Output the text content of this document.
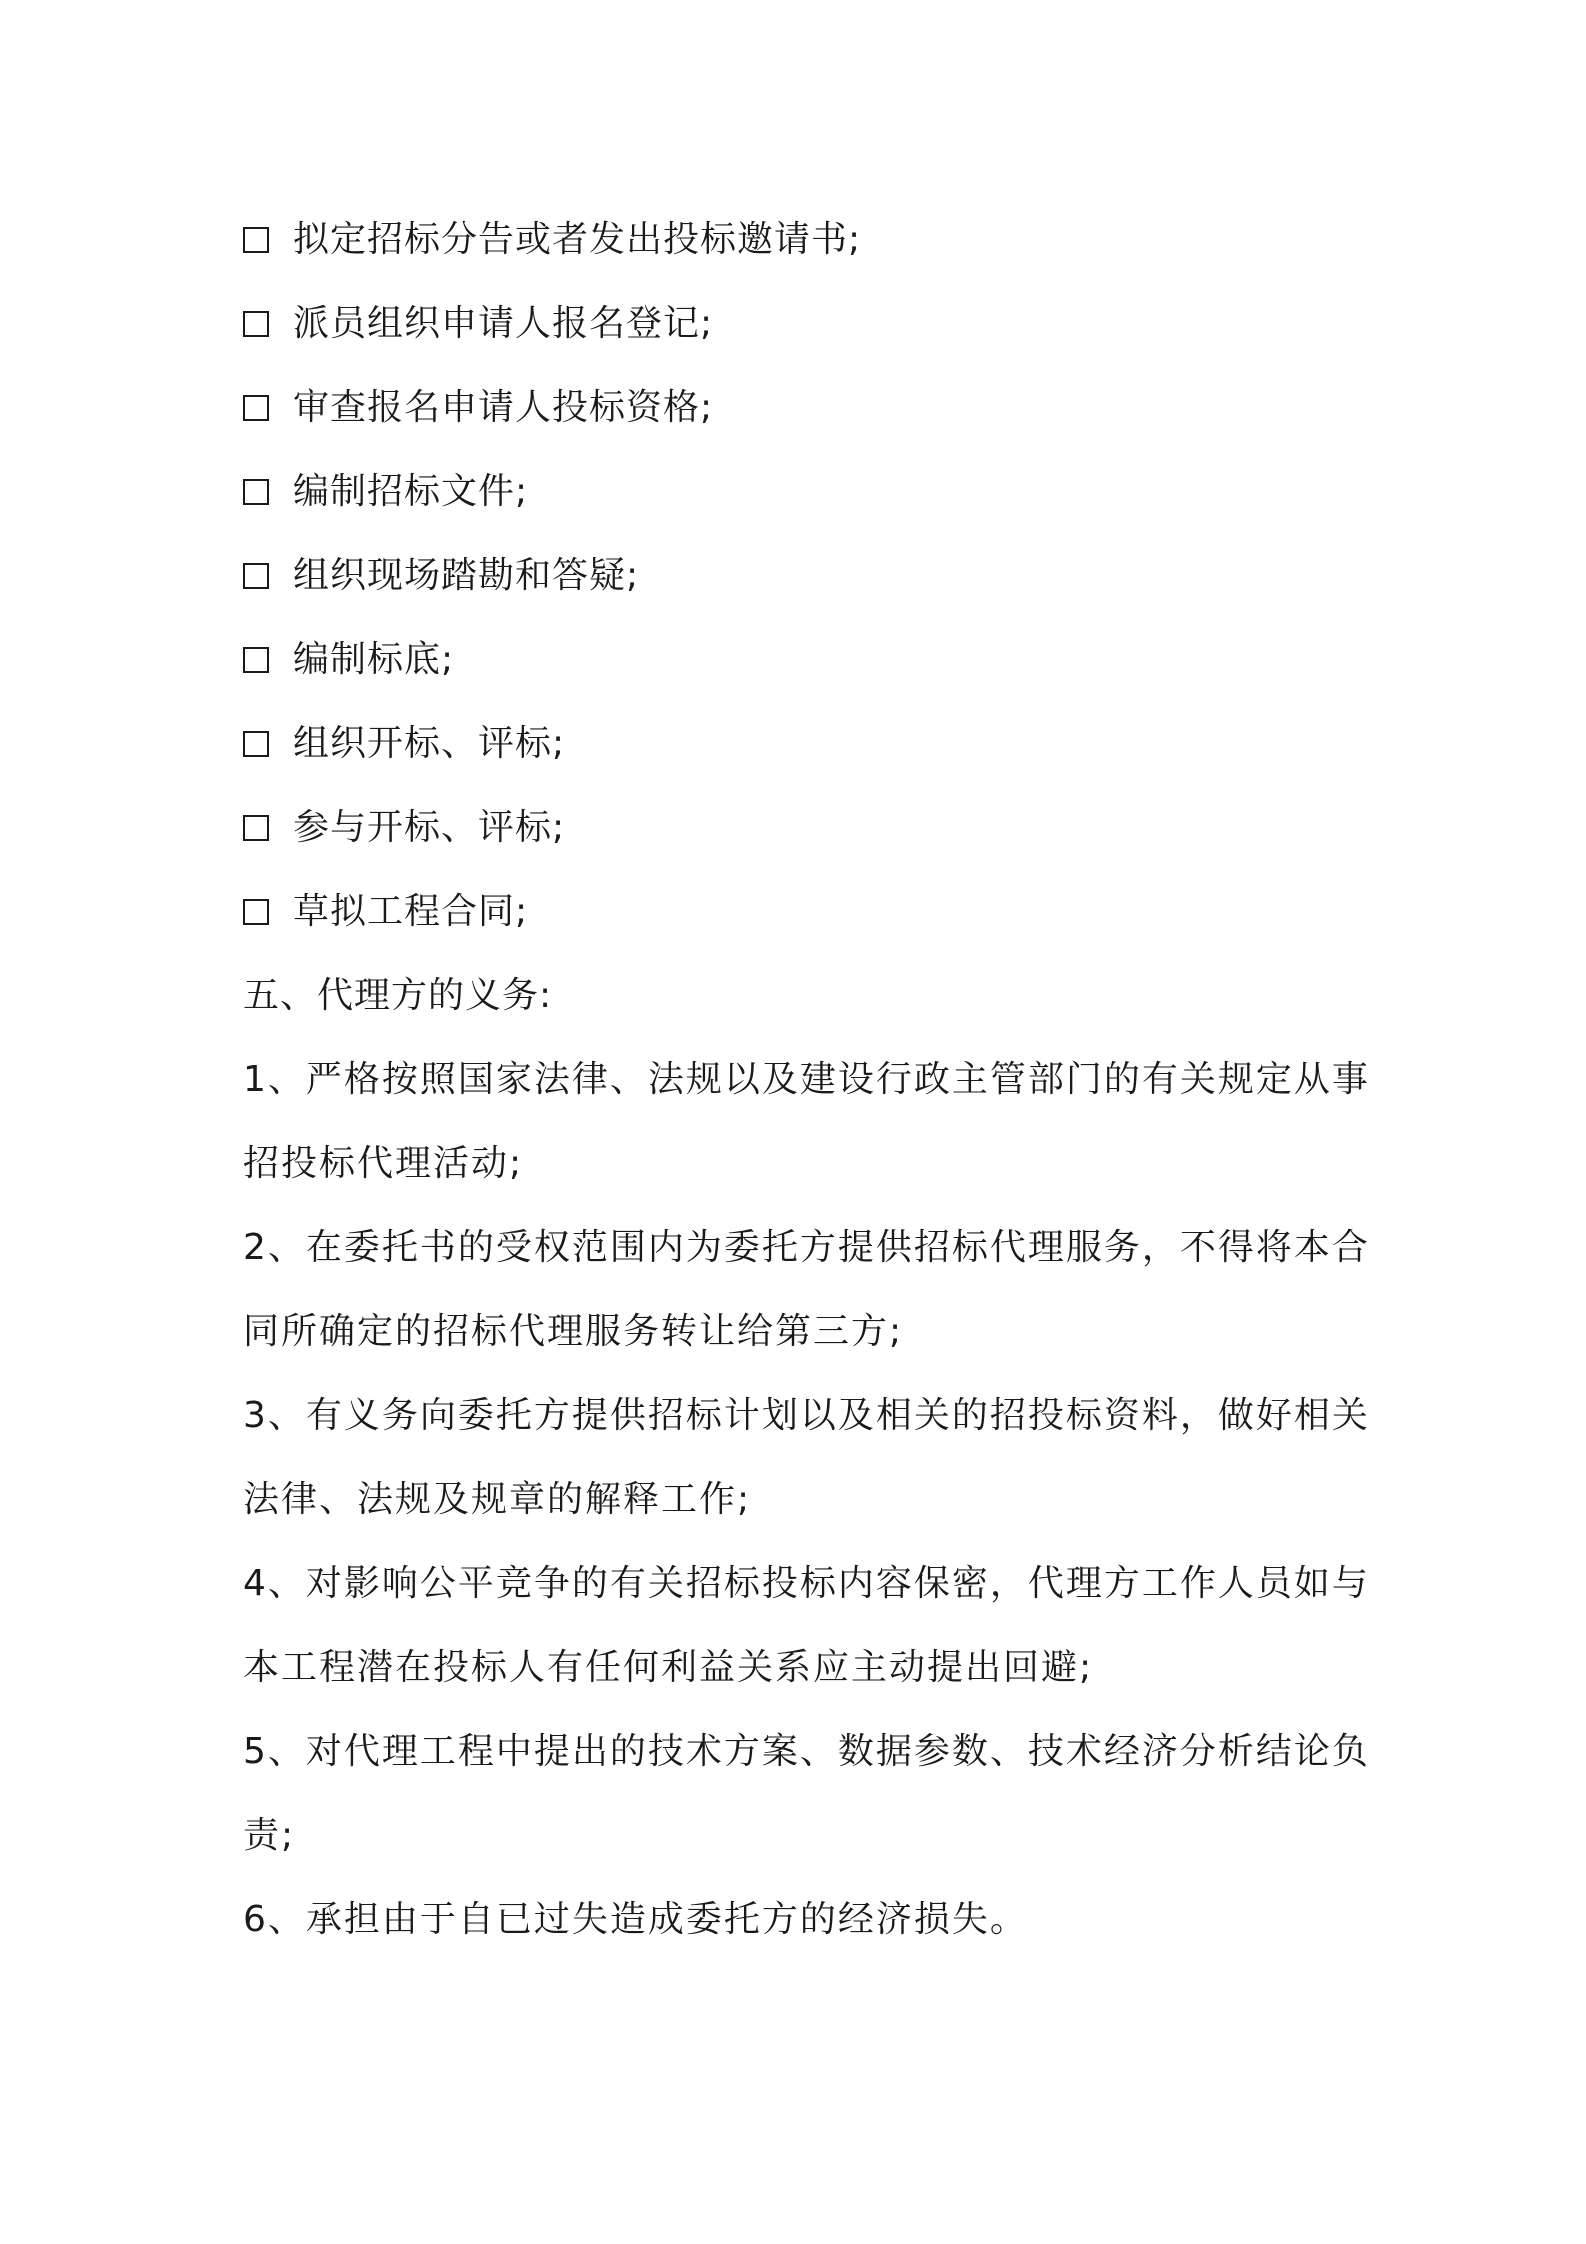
拟定招标分告或者发出投标邀请书;
派员组织申请人报名登记;
审查报名申请人投标资格;
编制招标文件;
组织现场踏勘和答疑;
编制标底;
组织开标、评标;
参与开标、评标;
草拟工程合同;
五、代理方的义务:
1、严格按照国家法律、法规以及建设行政主管部门的有关规定从事
招投标代理活动;
2、在委托书的受权范围内为委托方提供招标代理服务，不得将本合
同所确定的招标代理服务转让给第三方;
3、有义务向委托方提供招标计划以及相关的招投标资料，做好相关
法律、法规及规章的解释工作;
4、对影响公平竞争的有关招标投标内容保密，代理方工作人员如与
本工程潜在投标人有任何利益关系应主动提出回避;
5、对代理工程中提出的技术方案、数据参数、技术经济分析结论负
责;
6、承担由于自已过失造成委托方的经济损失。
